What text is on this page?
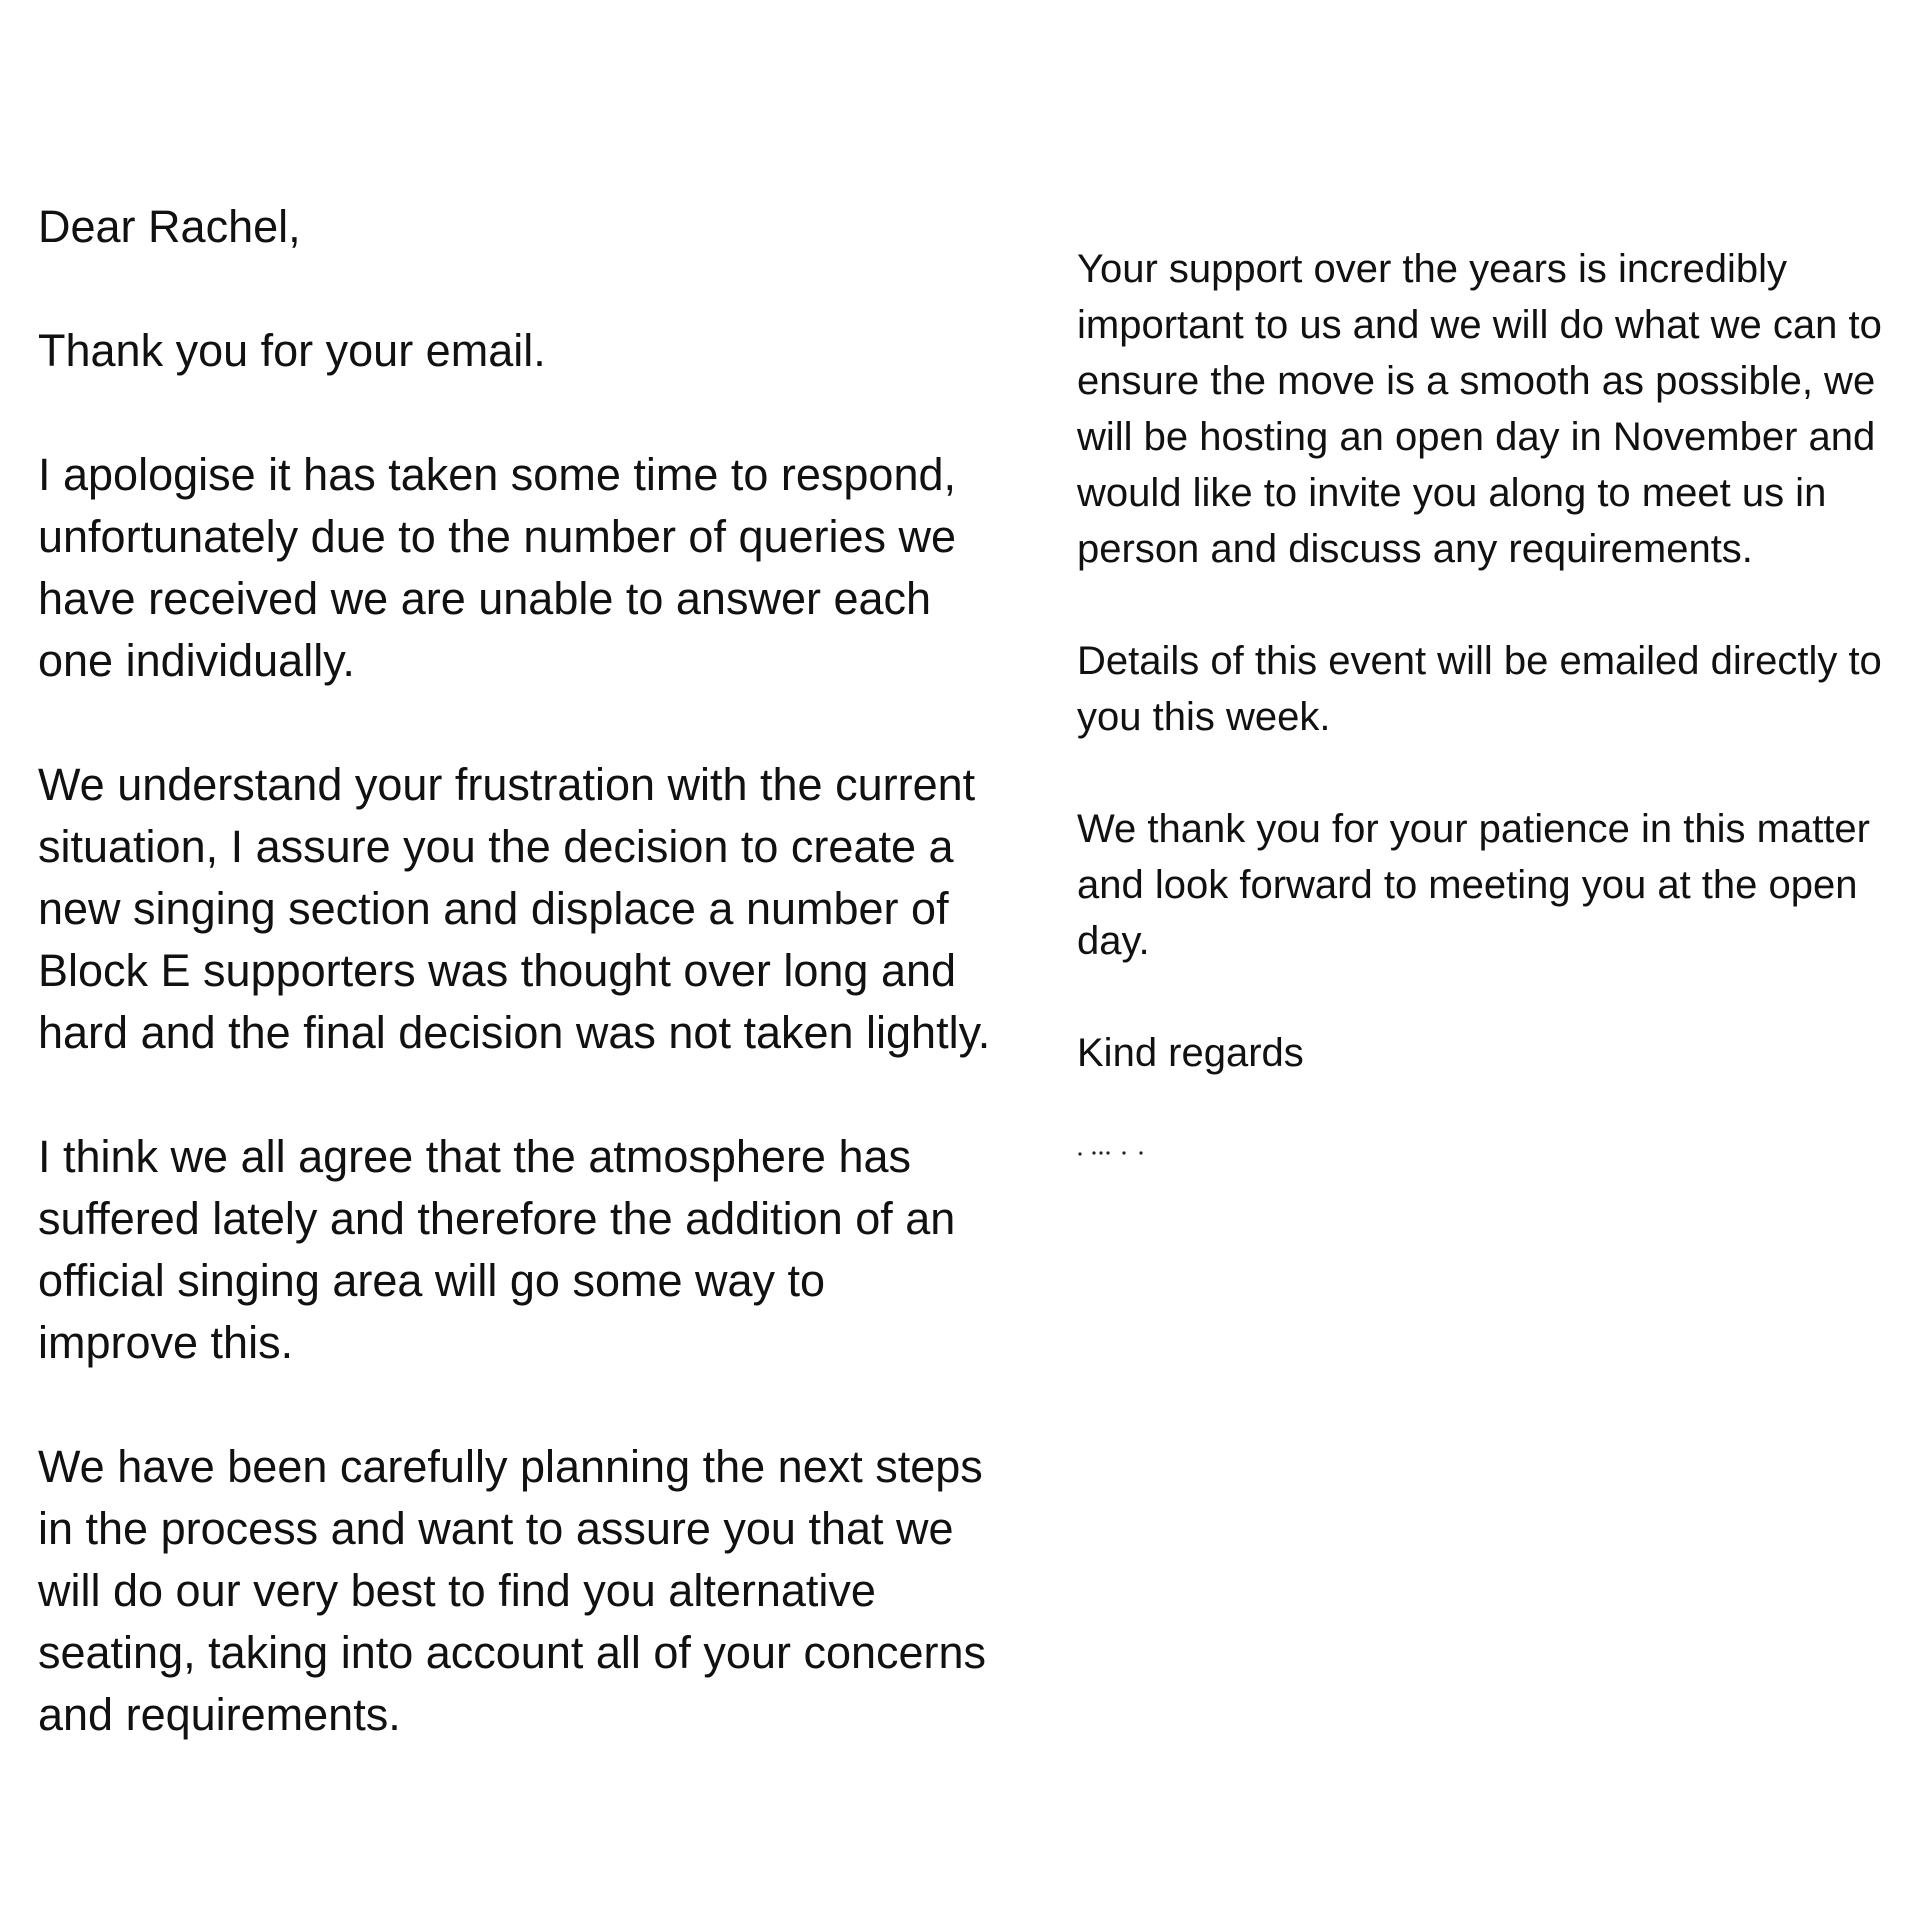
Dear Rachel,

Thank you for your email.

I apologise it has taken some time to respond,
unfortunately due to the number of queries we
have received we are unable to answer each
one individually.

We understand your frustration with the current
situation, I assure you the decision to create a
new singing section and displace a number of
Block E supporters was thought over long and
hard and the final decision was not taken lightly.

I think we all agree that the atmosphere has
suffered lately and therefore the addition of an
official singing area will go some way to
improve this.

We have been carefully planning the next steps
in the process and want to assure you that we
will do our very best to find you alternative
seating, taking into account all of your concerns
and requirements.

Your support over the years is incredibly
important to us and we will do what we can to
ensure the move is a smooth as possible, we
will be hosting an open day in November and
would like to invite you along to meet us in
person and discuss any requirements.

Details of this event will be emailed directly to
you this week.

We thank you for your patience in this matter
and look forward to meeting you at the open
day.

Kind regards
